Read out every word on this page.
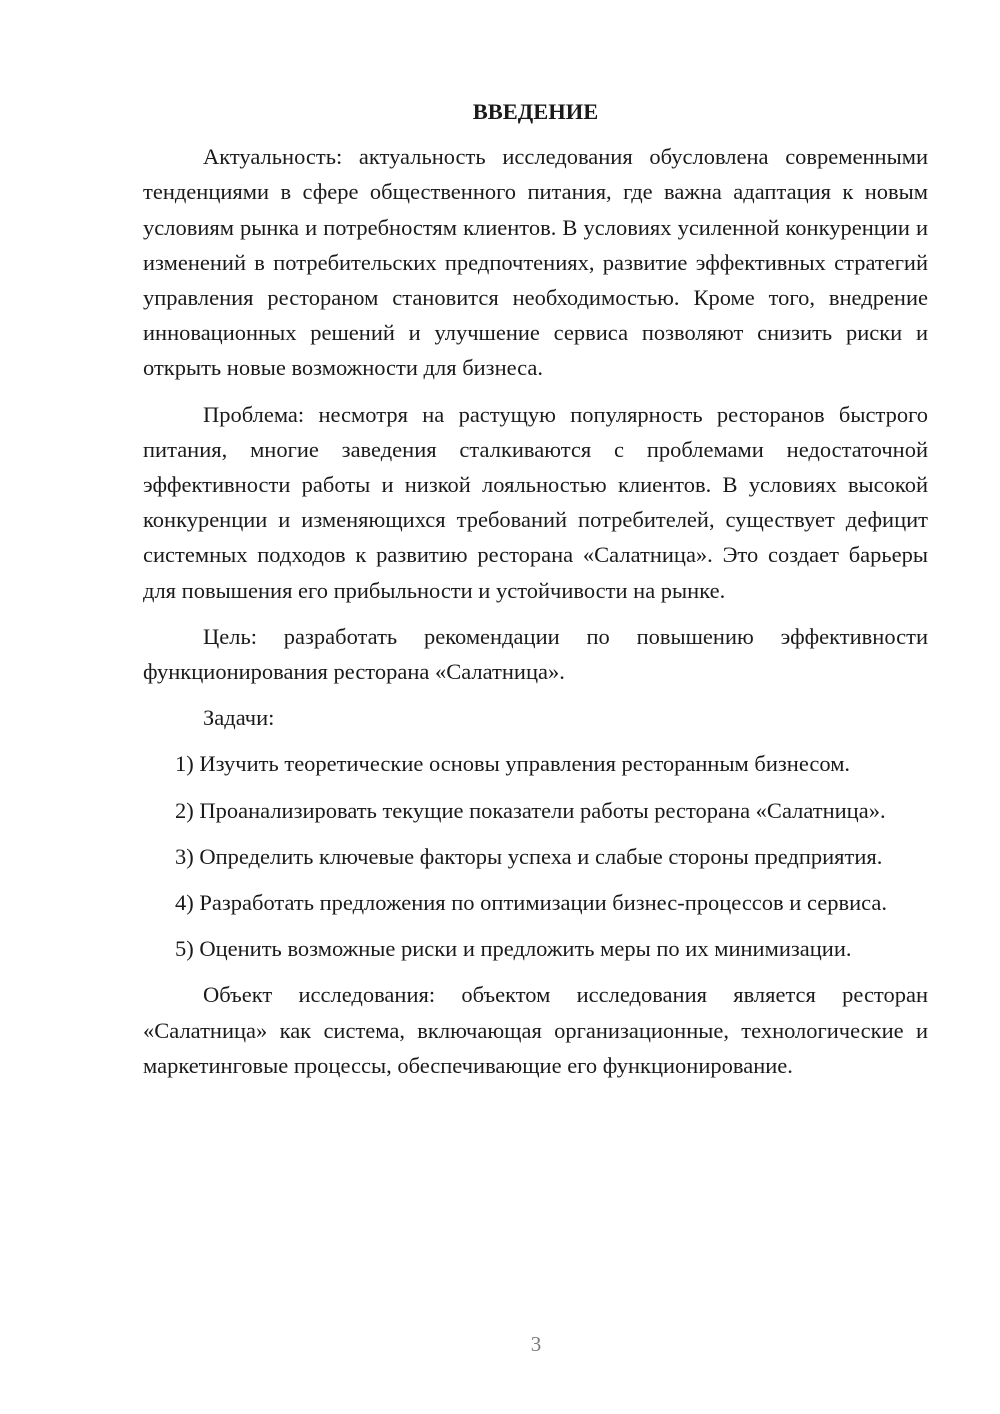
ВВЕДЕНИЕ
Актуальность: актуальность исследования обусловлена современными тенденциями в сфере общественного питания, где важна адаптация к новым условиям рынка и потребностям клиентов. В условиях усиленной конкуренции и изменений в потребительских предпочтениях, развитие эффективных стратегий управления рестораном становится необходимостью. Кроме того, внедрение инновационных решений и улучшение сервиса позволяют снизить риски и открыть новые возможности для бизнеса.
Проблема: несмотря на растущую популярность ресторанов быстрого питания, многие заведения сталкиваются с проблемами недостаточной эффективности работы и низкой лояльностью клиентов. В условиях высокой конкуренции и изменяющихся требований потребителей, существует дефицит системных подходов к развитию ресторана «Салатница». Это создает барьеры для повышения его прибыльности и устойчивости на рынке.
Цель: разработать рекомендации по повышению эффективности функционирования ресторана «Салатница».
Задачи:
1) Изучить теоретические основы управления ресторанным бизнесом.
2) Проанализировать текущие показатели работы ресторана «Салатница».
3) Определить ключевые факторы успеха и слабые стороны предприятия.
4) Разработать предложения по оптимизации бизнес-процессов и сервиса.
5) Оценить возможные риски и предложить меры по их минимизации.
Объект исследования: объектом исследования является ресторан «Салатница» как система, включающая организационные, технологические и маркетинговые процессы, обеспечивающие его функционирование.
3
